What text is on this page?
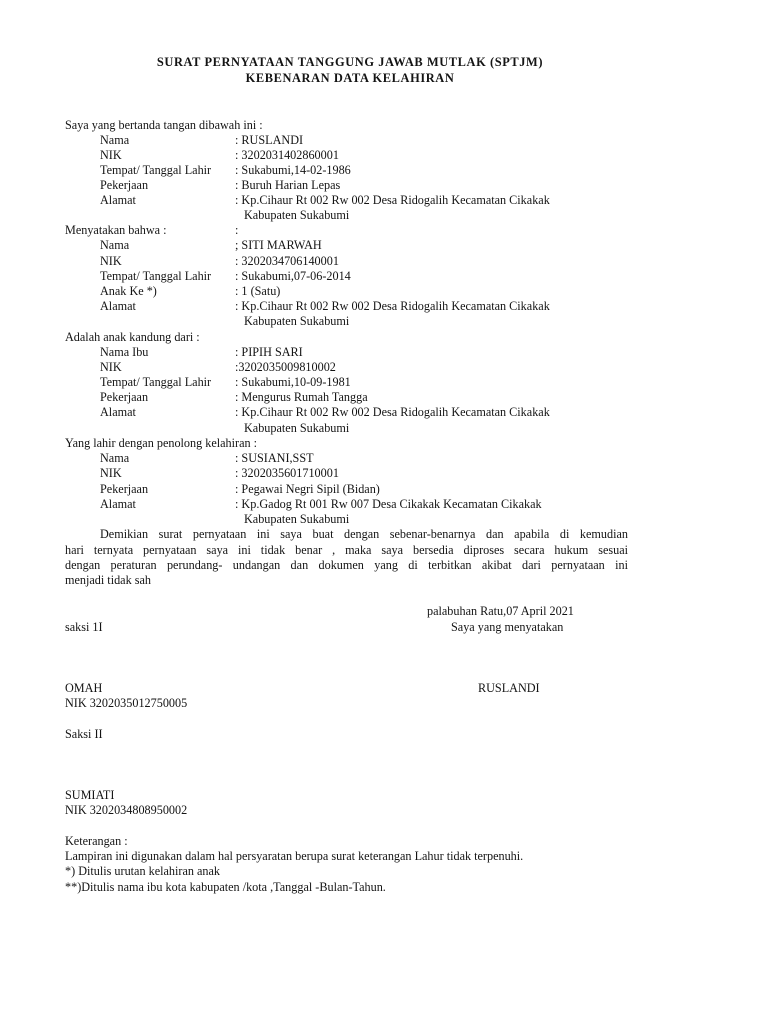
SURAT PERNYATAAN TANGGUNG JAWAB MUTLAK (SPTJM)
KEBENARAN DATA KELAHIRAN
Saya yang bertanda tangan dibawah ini :
Nama	: RUSLANDI
NIK	: 3202031402860001
Tempat/ Tanggal Lahir : Sukabumi,14-02-1986
Pekerjaan	: Buruh Harian Lepas
Alamat	: Kp.Cihaur Rt 002 Rw 002 Desa Ridogalih Kecamatan Cikakak
Kabupaten Sukabumi
Menyatakan bahwa :	:
Nama	; SITI MARWAH
NIK	: 3202034706140001
Tempat/ Tanggal Lahir : Sukabumi,07-06-2014
Anak Ke *)	: 1 (Satu)
Alamat	: Kp.Cihaur Rt 002 Rw 002 Desa Ridogalih Kecamatan Cikakak
Kabupaten Sukabumi
Adalah anak kandung dari :
Nama Ibu	: PIPIH SARI
NIK	:3202035009810002
Tempat/ Tanggal Lahir : Sukabumi,10-09-1981
Pekerjaan	: Mengurus Rumah Tangga
Alamat	: Kp.Cihaur Rt 002 Rw 002 Desa Ridogalih Kecamatan Cikakak
Kabupaten Sukabumi
Yang lahir dengan penolong kelahiran :
Nama	: SUSIANI,SST
NIK	: 3202035601710001
Pekerjaan	: Pegawai Negri Sipil (Bidan)
Alamat	: Kp.Gadog Rt 001 Rw 007 Desa Cikakak Kecamatan Cikakak
Kabupaten Sukabumi
Demikian surat pernyataan ini saya buat dengan sebenar-benarnya dan apabila di kemudian
hari ternyata pernyataan saya ini tidak benar , maka saya bersedia diproses secara hukum sesuai
dengan peraturan perundang- undangan dan dokumen yang di terbitkan akibat dari pernyataan ini
menjadi tidak sah
palabuhan Ratu,07 April 2021
saksi 1I	Saya yang menyatakan
OMAH	RUSLANDI
NIK 3202035012750005
Saksi II
SUMIATI
NIK 3202034808950002
Keterangan :
Lampiran ini digunakan dalam hal persyaratan berupa surat keterangan Lahur tidak terpenuhi.
*) Ditulis urutan kelahiran anak
**)Ditulis nama ibu kota kabupaten /kota ,Tanggal -Bulan-Tahun.
